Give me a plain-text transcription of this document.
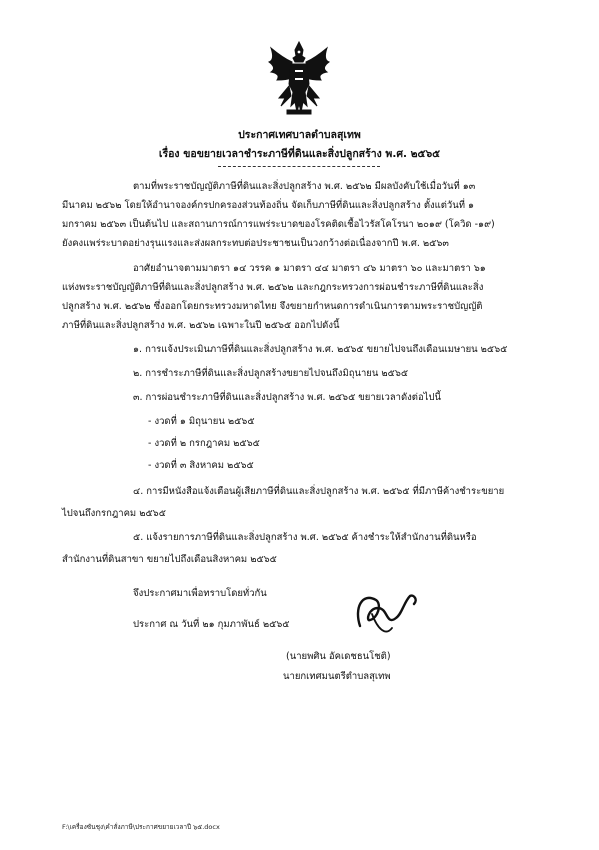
ประกาศเทศบาลตำบลสุเทพ
เรื่อง ขอขยายเวลาชำระภาษีที่ดินและสิ่งปลูกสร้าง พ.ศ. ๒๕๖๕
ตามที่พระราชบัญญัติภาษีที่ดินและสิ่งปลูกสร้าง พ.ศ. ๒๕๖๒ มีผลบังคับใช้เมื่อวันที่ ๑๓
มีนาคม ๒๕๖๒ โดยให้อำนาจองค์กรปกครองส่วนท้องถิ่น จัดเก็บภาษีที่ดินและสิ่งปลูกสร้าง ตั้งแต่วันที่ ๑
มกราคม ๒๕๖๓ เป็นต้นไป และสถานการณ์การแพร่ระบาดของโรคติดเชื้อไวรัสโคโรนา ๒๐๑๙ (โควิด -๑๙)
ยังคงแพร่ระบาดอย่างรุนแรงและส่งผลกระทบต่อประชาชนเป็นวงกว้างต่อเนื่องจากปี พ.ศ. ๒๕๖๓
อาศัยอำนาจตามมาตรา ๑๔ วรรค ๑ มาตรา ๔๔ มาตรา ๔๖ มาตรา ๖๐ และมาตรา ๖๑
แห่งพระราชบัญญัติภาษีที่ดินและสิ่งปลูกสร้าง พ.ศ. ๒๕๖๒ และกฎกระทรวงการผ่อนชำระภาษีที่ดินและสิ่ง
ปลูกสร้าง พ.ศ. ๒๕๖๒ ซึ่งออกโดยกระทรวงมหาดไทย จึงขยายกำหนดการดำเนินการตามพระราชบัญญัติ
ภาษีที่ดินและสิ่งปลูกสร้าง พ.ศ. ๒๕๖๒ เฉพาะในปี ๒๕๖๕ ออกไปดังนี้
๑. การแจ้งประเมินภาษีที่ดินและสิ่งปลูกสร้าง พ.ศ. ๒๕๖๕ ขยายไปจนถึงเดือนเมษายน ๒๕๖๕
๒. การชำระภาษีที่ดินและสิ่งปลูกสร้างขยายไปจนถึงมิถุนายน ๒๕๖๕
๓. การผ่อนชำระภาษีที่ดินและสิ่งปลูกสร้าง พ.ศ. ๒๕๖๕ ขยายเวลาดังต่อไปนี้
- งวดที่ ๑ มิถุนายน ๒๕๖๕
- งวดที่ ๒ กรกฎาคม ๒๕๖๕
- งวดที่ ๓ สิงหาคม ๒๕๖๕
๔. การมีหนังสือแจ้งเตือนผู้เสียภาษีที่ดินและสิ่งปลูกสร้าง พ.ศ. ๒๕๖๕ ที่มีภาษีค้างชำระขยาย
ไปจนถึงกรกฎาคม ๒๕๖๕
๕. แจ้งรายการภาษีที่ดินและสิ่งปลูกสร้าง พ.ศ. ๒๕๖๕ ค้างชำระให้สำนักงานที่ดินหรือ
สำนักงานที่ดินสาขา ขยายไปถึงเดือนสิงหาคม ๒๕๖๕
จึงประกาศมาเพื่อทราบโดยทั่วกัน
ประกาศ ณ วันที่ ๒๑ กุมภาพันธ์ ๒๕๖๕
(นายพศิน อัคเดชธนโชติ)
นายกเทศมนตรีตำบลสุเทพ
F:\เครื่องซันชุง\คำสั่งภาษี\ประกาศขยายเวลาปี ๖๕.docx
